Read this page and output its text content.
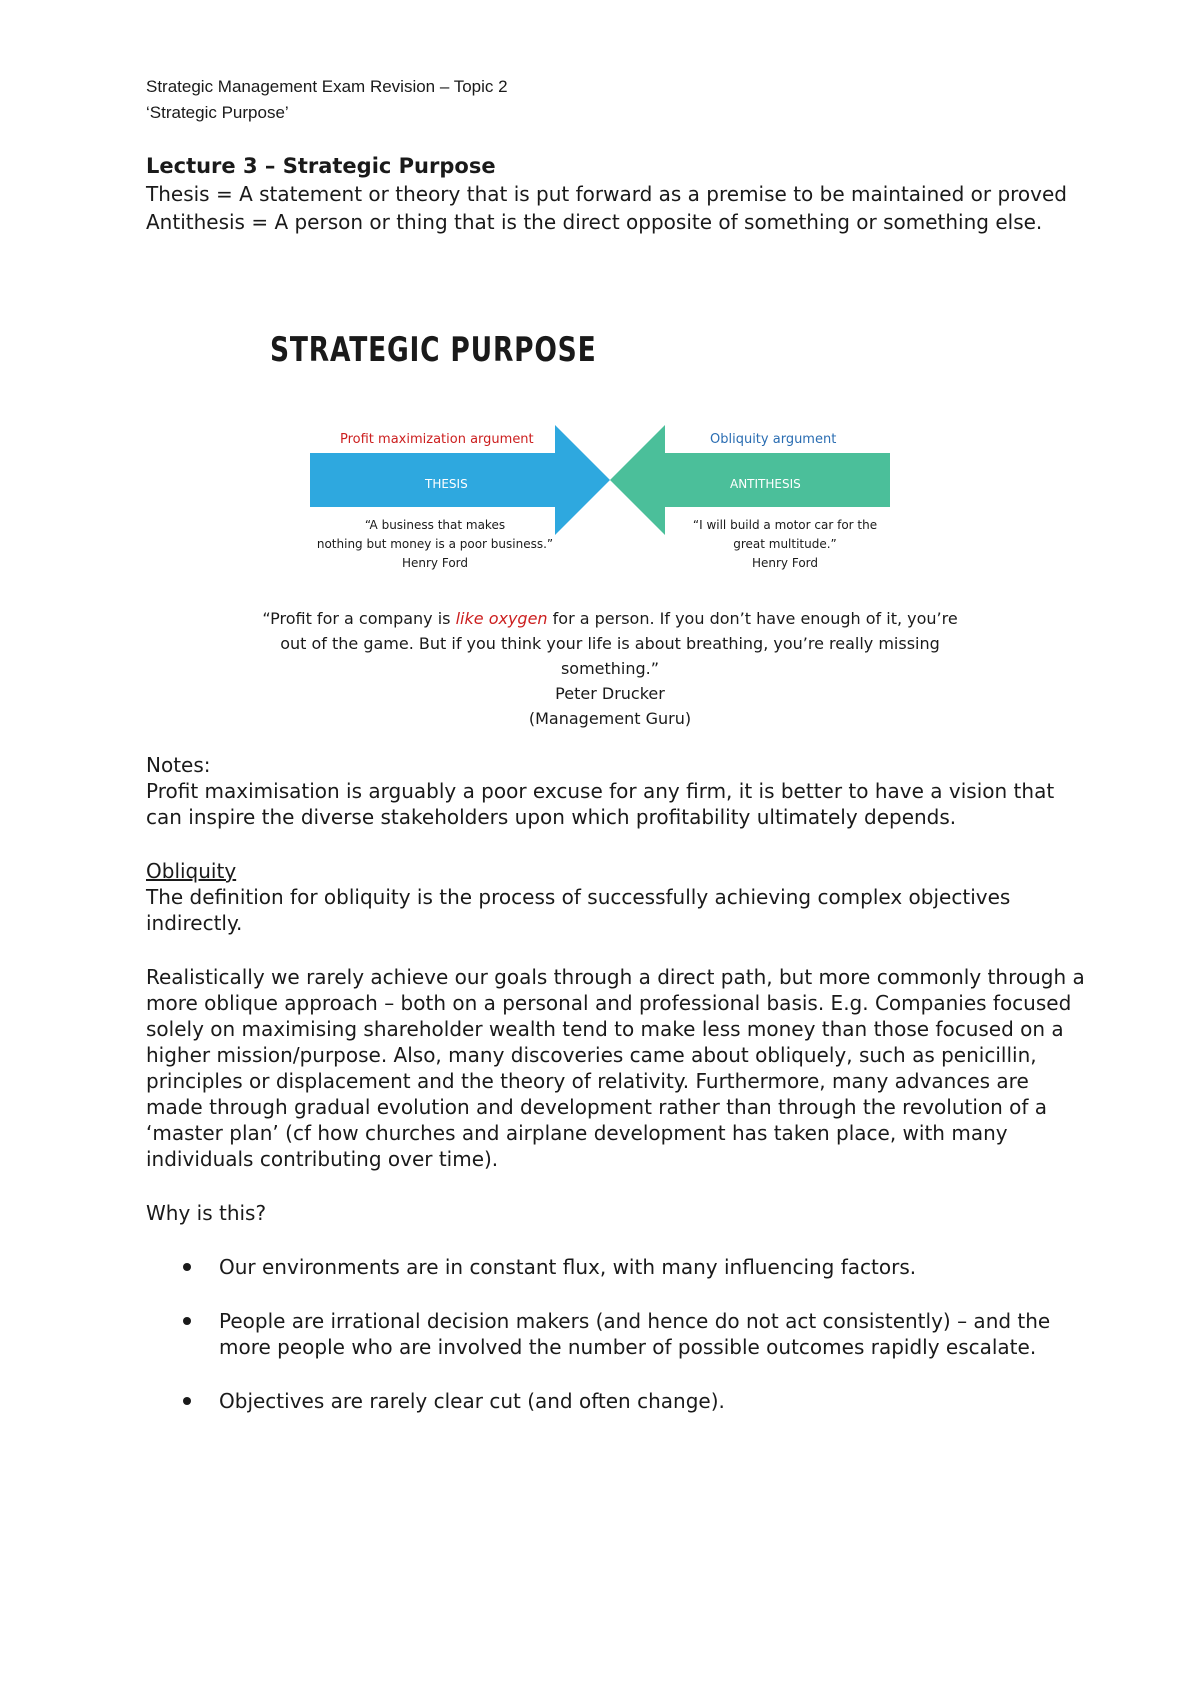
Strategic Management Exam Revision – Topic 2
‘Strategic Purpose’

Lecture 3 – Strategic Purpose

Thesis = A statement or theory that is put forward as a premise to be maintained or proved

Antithesis = A person or thing that is the direct opposite of something or something else.

STRATEGIC PURPOSE
Profit maximization argument	Obliquity argument
THESIS	ANTITHESIS
“A business that makes
nothing but money is a poor business.”
Henry Ford
“I will build a motor car for the
great multitude.”
Henry Ford
“Profit for a company is like oxygen for a person. If you don’t have enough of it, you’re
out of the game. But if you think your life is about breathing, you’re really missing
something.”
Peter Drucker
(Management Guru)

Notes:

Profit maximisation is arguably a poor excuse for any firm, it is better to have a vision that can inspire the diverse stakeholders upon which profitability ultimately depends.

Obliquity

The definition for obliquity is the process of successfully achieving complex objectives indirectly.

Realistically we rarely achieve our goals through a direct path, but more commonly through a more oblique approach – both on a personal and professional basis. E.g. Companies focused solely on maximising shareholder wealth tend to make less money than those focused on a higher mission/purpose. Also, many discoveries came about obliquely, such as penicillin, principles or displacement and the theory of relativity. Furthermore, many advances are made through gradual evolution and development rather than through the revolution of a ‘master plan’ (cf how churches and airplane development has taken place, with many individuals contributing over time).

Why is this?

Our environments are in constant flux, with many influencing factors.
People are irrational decision makers (and hence do not act consistently) – and the more people who are involved the number of possible outcomes rapidly escalate.
Objectives are rarely clear cut (and often change).
